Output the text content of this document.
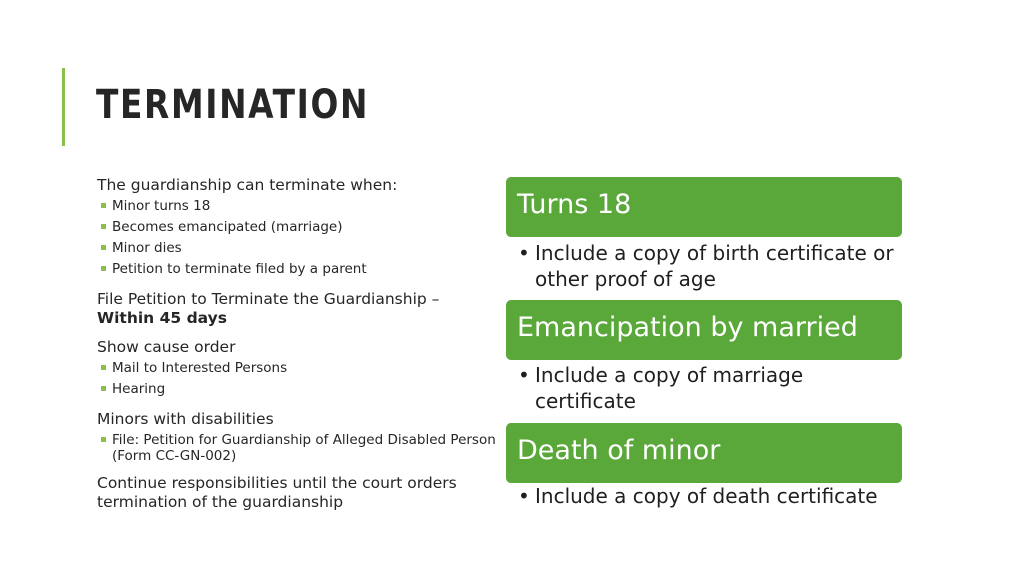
TERMINATION
The guardianship can terminate when:
Minor turns 18
Becomes emancipated (marriage)
Minor dies
Petition to terminate filed by a parent
File Petition to Terminate the Guardianship –
Within 45 days
Show cause order
Mail to Interested Persons
Hearing
Minors with disabilities
File: Petition for Guardianship of Alleged Disabled Person (Form CC-GN-002)
Continue responsibilities until the court orders termination of the guardianship
Turns 18
• Include a copy of birth certificate or other proof of age
Emancipation by married
• Include a copy of marriage certificate
Death of minor
• Include a copy of death certificate
